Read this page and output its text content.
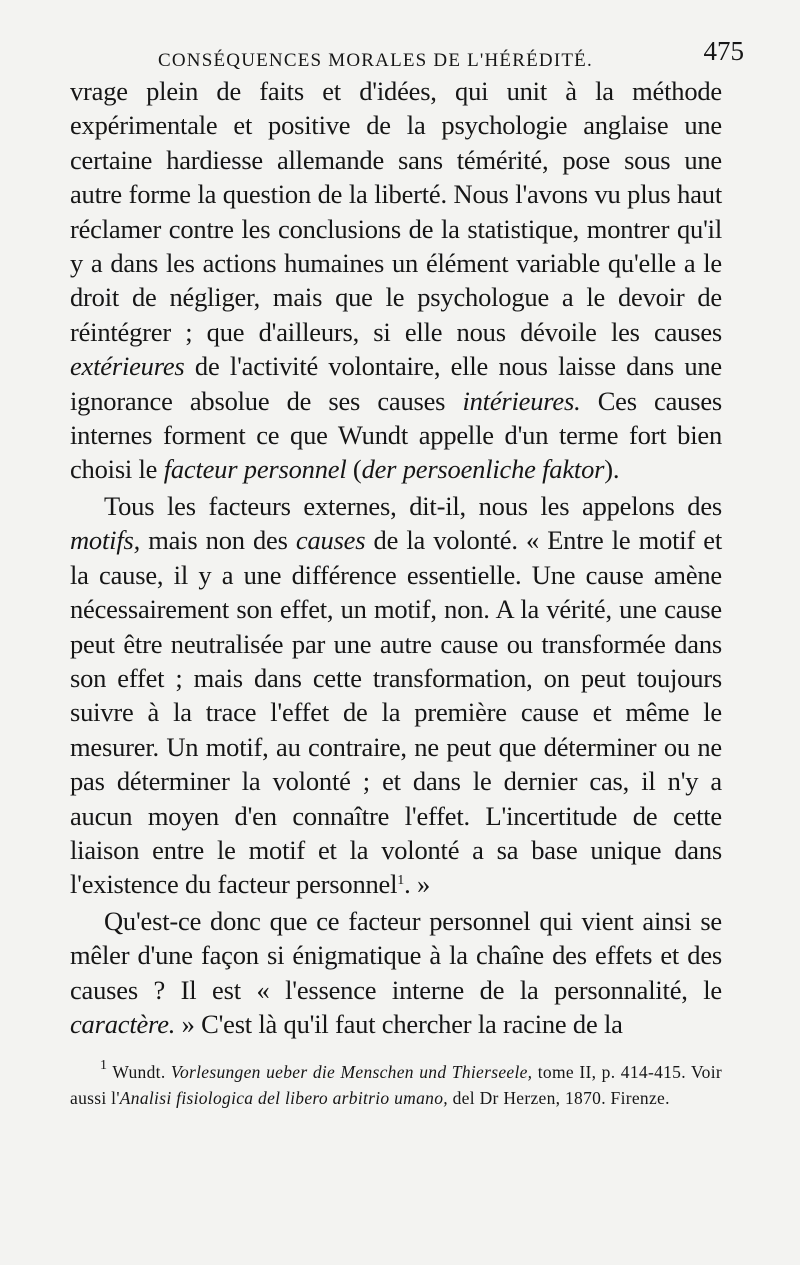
CONSÉQUENCES MORALES DE L'HÉRÉDITÉ.	475

vrage plein de faits et d'idées, qui unit à la méthode expérimentale et positive de la psychologie anglaise une certaine hardiesse allemande sans témérité, pose sous une autre forme la question de la liberté. Nous l'avons vu plus haut réclamer contre les conclusions de la statistique, montrer qu'il y a dans les actions humaines un élément variable qu'elle a le droit de négliger, mais que le psychologue a le devoir de réintégrer ; que d'ailleurs, si elle nous dévoile les causes extérieures de l'activité volontaire, elle nous laisse dans une ignorance absolue de ses causes intérieures. Ces causes internes forment ce que Wundt appelle d'un terme fort bien choisi le facteur personnel (der persoenliche faktor).

Tous les facteurs externes, dit-il, nous les appelons des motifs, mais non des causes de la volonté. « Entre le motif et la cause, il y a une différence essentielle. Une cause amène nécessairement son effet, un motif, non. A la vérité, une cause peut être neutralisée par une autre cause ou transformée dans son effet ; mais dans cette transformation, on peut toujours suivre à la trace l'effet de la première cause et même le mesurer. Un motif, au contraire, ne peut que déterminer ou ne pas déterminer la volonté ; et dans le dernier cas, il n'y a aucun moyen d'en connaître l'effet. L'incertitude de cette liaison entre le motif et la volonté a sa base unique dans l'existence du facteur personnel$^1$. »

Qu'est-ce donc que ce facteur personnel qui vient ainsi se mêler d'une façon si énigmatique à la chaîne des effets et des causes ? Il est « l'essence interne de la personnalité, le caractère. » C'est là qu'il faut chercher la racine de la

$^1$ Wundt. Vorlesungen ueber die Menschen und Thierseele, tome II, p. 414-415. Voir aussi l'Analisi fisiologica del libero arbitrio umano, del Dr Herzen, 1870. Firenze.
